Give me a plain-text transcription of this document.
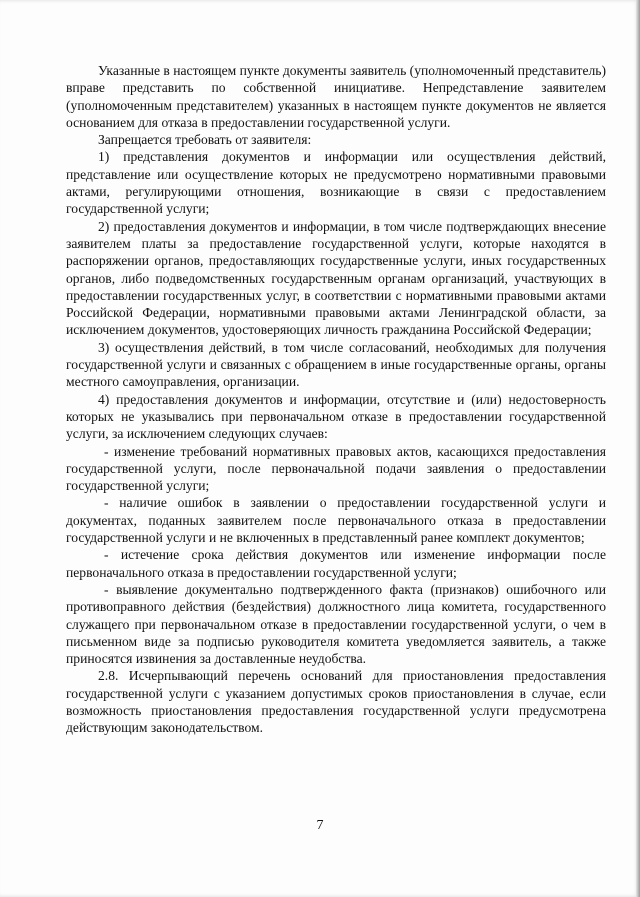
Указанные в настоящем пункте документы заявитель (уполномоченный представитель) вправе представить по собственной инициативе. Непредставление заявителем (уполномоченным представителем) указанных в настоящем пункте документов не является основанием для отказа в предоставлении государственной услуги.

Запрещается требовать от заявителя:

1) представления документов и информации или осуществления действий, представление или осуществление которых не предусмотрено нормативными правовыми актами, регулирующими отношения, возникающие в связи с предоставлением государственной услуги;

2) предоставления документов и информации, в том числе подтверждающих внесение заявителем платы за предоставление государственной услуги, которые находятся в распоряжении органов, предоставляющих государственные услуги, иных государственных органов, либо подведомственных государственным органам организаций, участвующих в предоставлении государственных услуг, в соответствии с нормативными правовыми актами Российской Федерации, нормативными правовыми актами Ленинградской области, за исключением документов, удостоверяющих личность гражданина Российской Федерации;

3) осуществления действий, в том числе согласований, необходимых для получения государственной услуги и связанных с обращением в иные государственные органы, органы местного самоуправления, организации.

4) предоставления документов и информации, отсутствие и (или) недостоверность которых не указывались при первоначальном отказе в предоставлении государственной услуги, за исключением следующих случаев:

- изменение требований нормативных правовых актов, касающихся предоставления государственной услуги, после первоначальной подачи заявления о предоставлении государственной услуги;

- наличие ошибок в заявлении о предоставлении государственной услуги и документах, поданных заявителем после первоначального отказа в предоставлении государственной услуги и не включенных в представленный ранее комплект документов;

- истечение срока действия документов или изменение информации после первоначального отказа в предоставлении государственной услуги;

- выявление документально подтвержденного факта (признаков) ошибочного или противоправного действия (бездействия) должностного лица комитета, государственного служащего при первоначальном отказе в предоставлении государственной услуги, о чем в письменном виде за подписью руководителя комитета уведомляется заявитель, а также приносятся извинения за доставленные неудобства.

2.8. Исчерпывающий перечень оснований для приостановления предоставления государственной услуги с указанием допустимых сроков приостановления в случае, если возможность приостановления предоставления государственной услуги предусмотрена действующим законодательством.

7
